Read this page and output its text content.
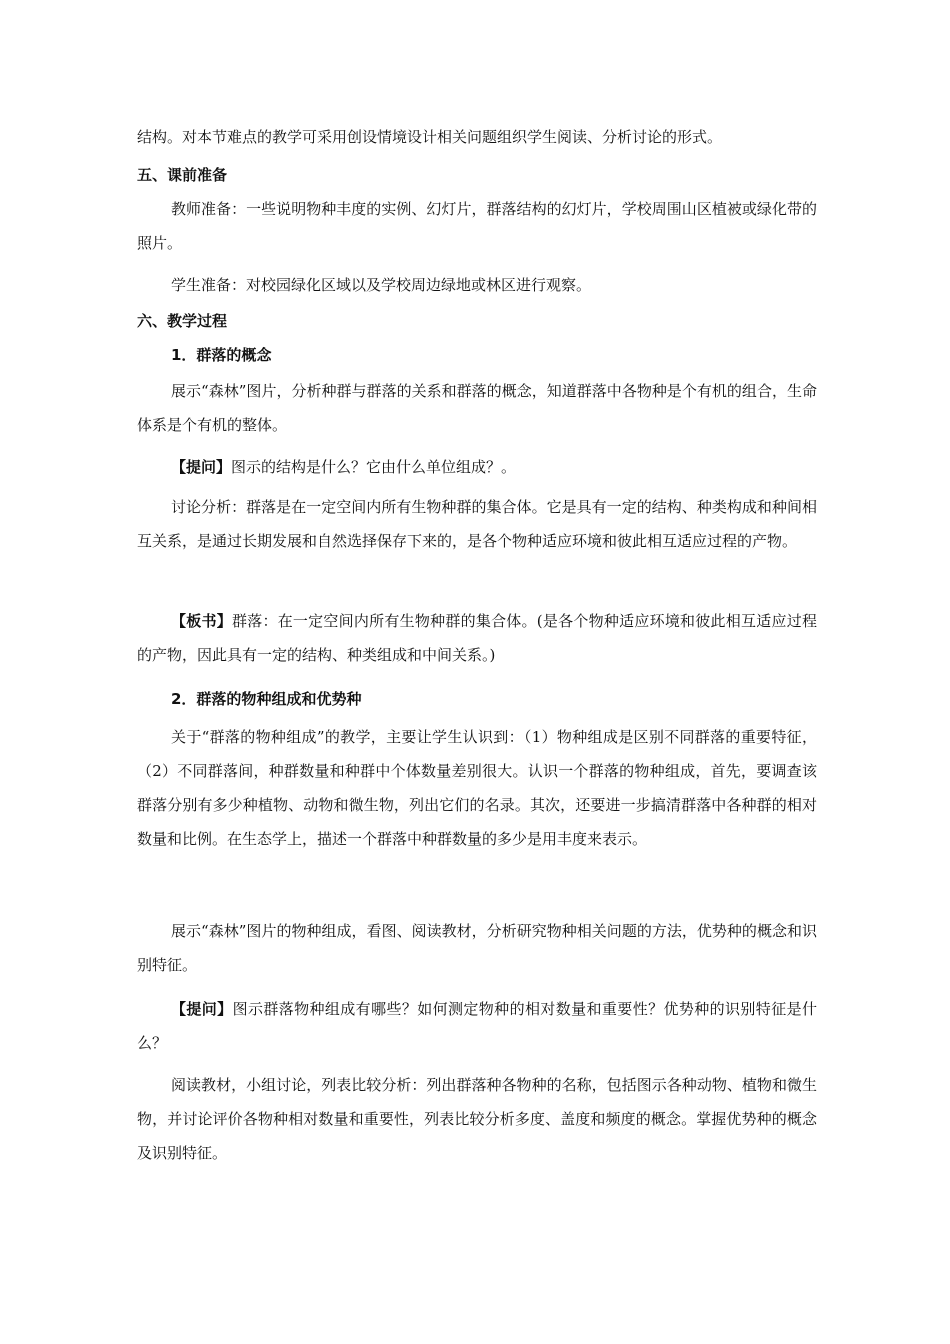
结构。对本节难点的教学可采用创设情境设计相关问题组织学生阅读、分析讨论的形式。

五、课前准备

教师准备：一些说明物种丰度的实例、幻灯片，群落结构的幻灯片，学校周围山区植被或绿化带的照片。

学生准备：对校园绿化区域以及学校周边绿地或林区进行观察。

六、教学过程

1．群落的概念

展示“森林”图片，分析种群与群落的关系和群落的概念，知道群落中各物种是个有机的组合，生命体系是个有机的整体。

【提问】图示的结构是什么？它由什么单位组成？。

讨论分析：群落是在一定空间内所有生物种群的集合体。它是具有一定的结构、种类构成和种间相互关系，是通过长期发展和自然选择保存下来的，是各个物种适应环境和彼此相互适应过程的产物。

【板书】群落：在一定空间内所有生物种群的集合体。(是各个物种适应环境和彼此相互适应过程的产物，因此具有一定的结构、种类组成和中间关系。)

2．群落的物种组成和优势种

关于“群落的物种组成”的教学，主要让学生认识到：（1）物种组成是区别不同群落的重要特征，（2）不同群落间，种群数量和种群中个体数量差别很大。认识一个群落的物种组成，首先，要调查该群落分别有多少种植物、动物和微生物，列出它们的名录。其次，还要进一步搞清群落中各种群的相对数量和比例。在生态学上，描述一个群落中种群数量的多少是用丰度来表示。

展示“森林”图片的物种组成，看图、阅读教材，分析研究物种相关问题的方法，优势种的概念和识别特征。

【提问】图示群落物种组成有哪些？如何测定物种的相对数量和重要性？优势种的识别特征是什么？

阅读教材，小组讨论，列表比较分析：列出群落种各物种的名称，包括图示各种动物、植物和微生物，并讨论评价各物种相对数量和重要性，列表比较分析多度、盖度和频度的概念。掌握优势种的概念及识别特征。
